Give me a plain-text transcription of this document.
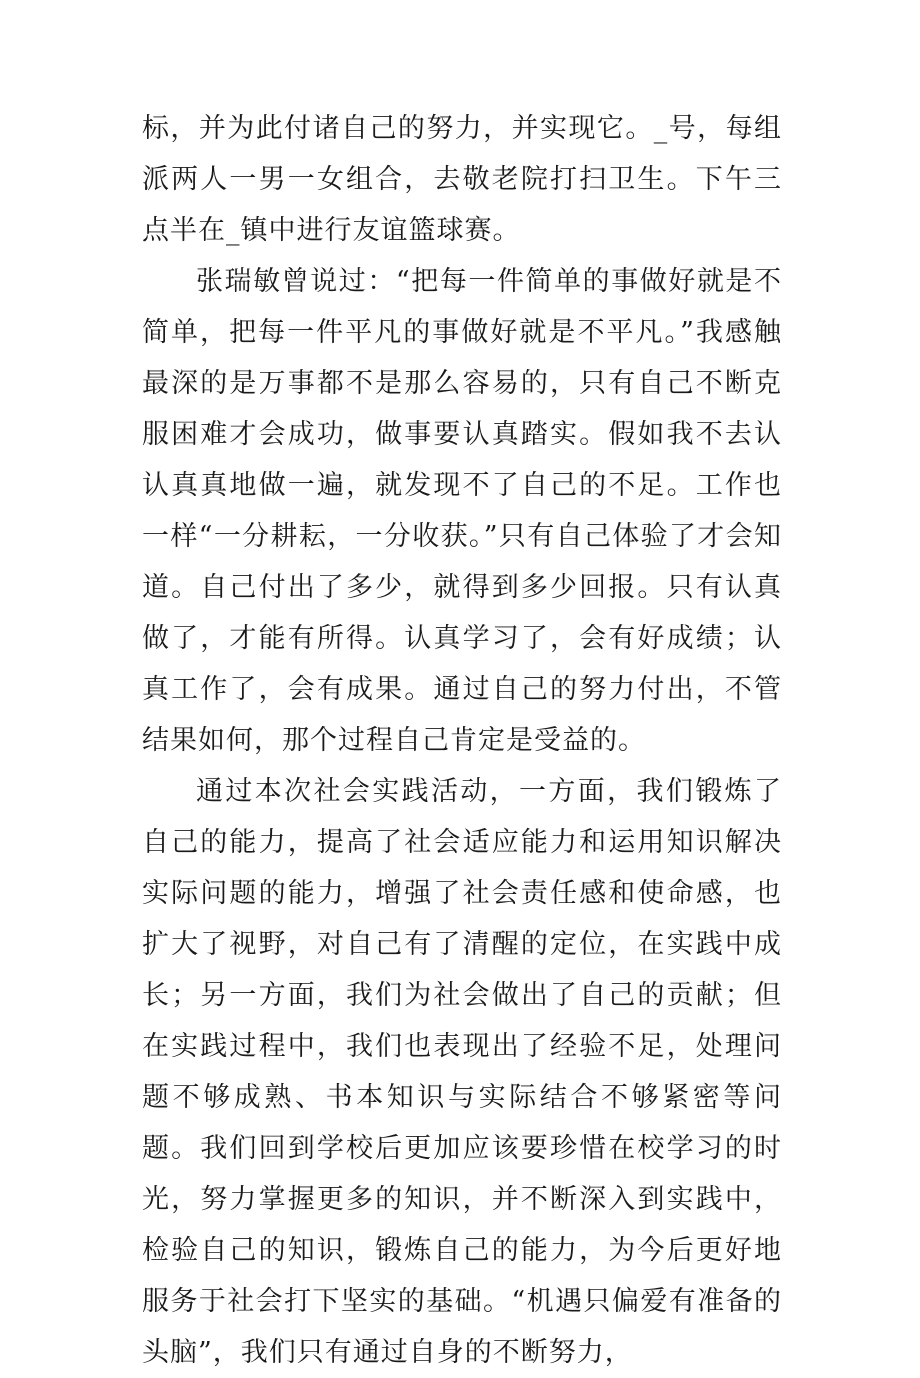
标，并为此付诸自己的努力，并实现它。_号，每组派两人一男一女组合，去敬老院打扫卫生。下午三点半在_镇中进行友谊篮球赛。

张瑞敏曾说过：“把每一件简单的事做好就是不简单，把每一件平凡的事做好就是不平凡。”我感触最深的是万事都不是那么容易的，只有自己不断克服困难才会成功，做事要认真踏实。假如我不去认认真真地做一遍，就发现不了自己的不足。工作也一样“一分耕耘，一分收获。”只有自己体验了才会知道。自己付出了多少，就得到多少回报。只有认真做了，才能有所得。认真学习了，会有好成绩；认真工作了，会有成果。通过自己的努力付出，不管结果如何，那个过程自己肯定是受益的。

通过本次社会实践活动，一方面，我们锻炼了自己的能力，提高了社会适应能力和运用知识解决实际问题的能力，增强了社会责任感和使命感，也扩大了视野，对自己有了清醒的定位，在实践中成长；另一方面，我们为社会做出了自己的贡献；但在实践过程中，我们也表现出了经验不足，处理问题不够成熟、书本知识与实际结合不够紧密等问题。我们回到学校后更加应该要珍惜在校学习的时光，努力掌握更多的知识，并不断深入到实践中，检验自己的知识，锻炼自己的能力，为今后更好地服务于社会打下坚实的基础。“机遇只偏爱有准备的头脑”，我们只有通过自身的不断努力，
